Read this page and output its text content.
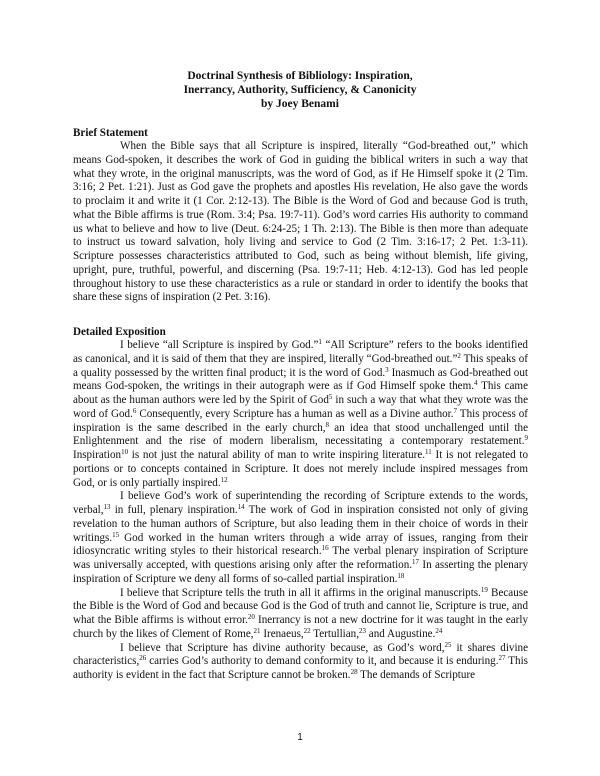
Doctrinal Synthesis of Bibliology: Inspiration,
Inerrancy, Authority, Sufficiency, & Canonicity
by Joey Benami
Brief Statement

When the Bible says that all Scripture is inspired, literally “God-breathed out,” which means God-spoken, it describes the work of God in guiding the biblical writers in such a way that what they wrote, in the original manuscripts, was the word of God, as if He Himself spoke it (2 Tim. 3:16; 2 Pet. 1:21). Just as God gave the prophets and apostles His revelation, He also gave the words to proclaim it and write it (1 Cor. 2:12-13). The Bible is the Word of God and because God is truth, what the Bible affirms is true (Rom. 3:4; Psa. 19:7-11). God’s word carries His authority to command us what to believe and how to live (Deut. 6:24-25; 1 Th. 2:13). The Bible is then more than adequate to instruct us toward salvation, holy living and service to God (2 Tim. 3:16-17; 2 Pet. 1:3-11). Scripture possesses characteristics attributed to God, such as being without blemish, life giving, upright, pure, truthful, powerful, and discerning (Psa. 19:7-11; Heb. 4:12-13). God has led people throughout history to use these characteristics as a rule or standard in order to identify the books that share these signs of inspiration (2 Pet. 3:16).

Detailed Exposition

I believe “all Scripture is inspired by God.”$^1$ “All Scripture” refers to the books identified as canonical, and it is said of them that they are inspired, literally “God-breathed out.”$^2$ This speaks of a quality possessed by the written final product; it is the word of God.$^3$ Inasmuch as God-breathed out means God-spoken, the writings in their autograph were as if God Himself spoke them.$^4$ This came about as the human authors were led by the Spirit of God$^5$ in such a way that what they wrote was the word of God.$^6$ Consequently, every Scripture has a human as well as a Divine author.$^7$ This process of inspiration is the same described in the early church,$^8$ an idea that stood unchallenged until the Enlightenment and the rise of modern liberalism, necessitating a contemporary restatement.$^9$ Inspiration$^{10}$ is not just the natural ability of man to write inspiring literature.$^{11}$ It is not relegated to portions or to concepts contained in Scripture. It does not merely include inspired messages from God, or is only partially inspired.$^{12}$

I believe God’s work of superintending the recording of Scripture extends to the words, verbal,$^{13}$ in full, plenary inspiration.$^{14}$ The work of God in inspiration consisted not only of giving revelation to the human authors of Scripture, but also leading them in their choice of words in their writings.$^{15}$ God worked in the human writers through a wide array of issues, ranging from their idiosyncratic writing styles to their historical research.$^{16}$ The verbal plenary inspiration of Scripture was universally accepted, with questions arising only after the reformation.$^{17}$ In asserting the plenary inspiration of Scripture we deny all forms of so-called partial inspiration.$^{18}$

I believe that Scripture tells the truth in all it affirms in the original manuscripts.$^{19}$ Because the Bible is the Word of God and because God is the God of truth and cannot lie, Scripture is true, and what the Bible affirms is without error.$^{20}$ Inerrancy is not a new doctrine for it was taught in the early church by the likes of Clement of Rome,$^{21}$ Irenaeus,$^{22}$ Tertullian,$^{23}$ and Augustine.$^{24}$

I believe that Scripture has divine authority because, as God’s word,$^{25}$ it shares divine characteristics,$^{26}$ carries God’s authority to demand conformity to it, and because it is enduring.$^{27}$ This authority is evident in the fact that Scripture cannot be broken.$^{28}$ The demands of Scripture

1
